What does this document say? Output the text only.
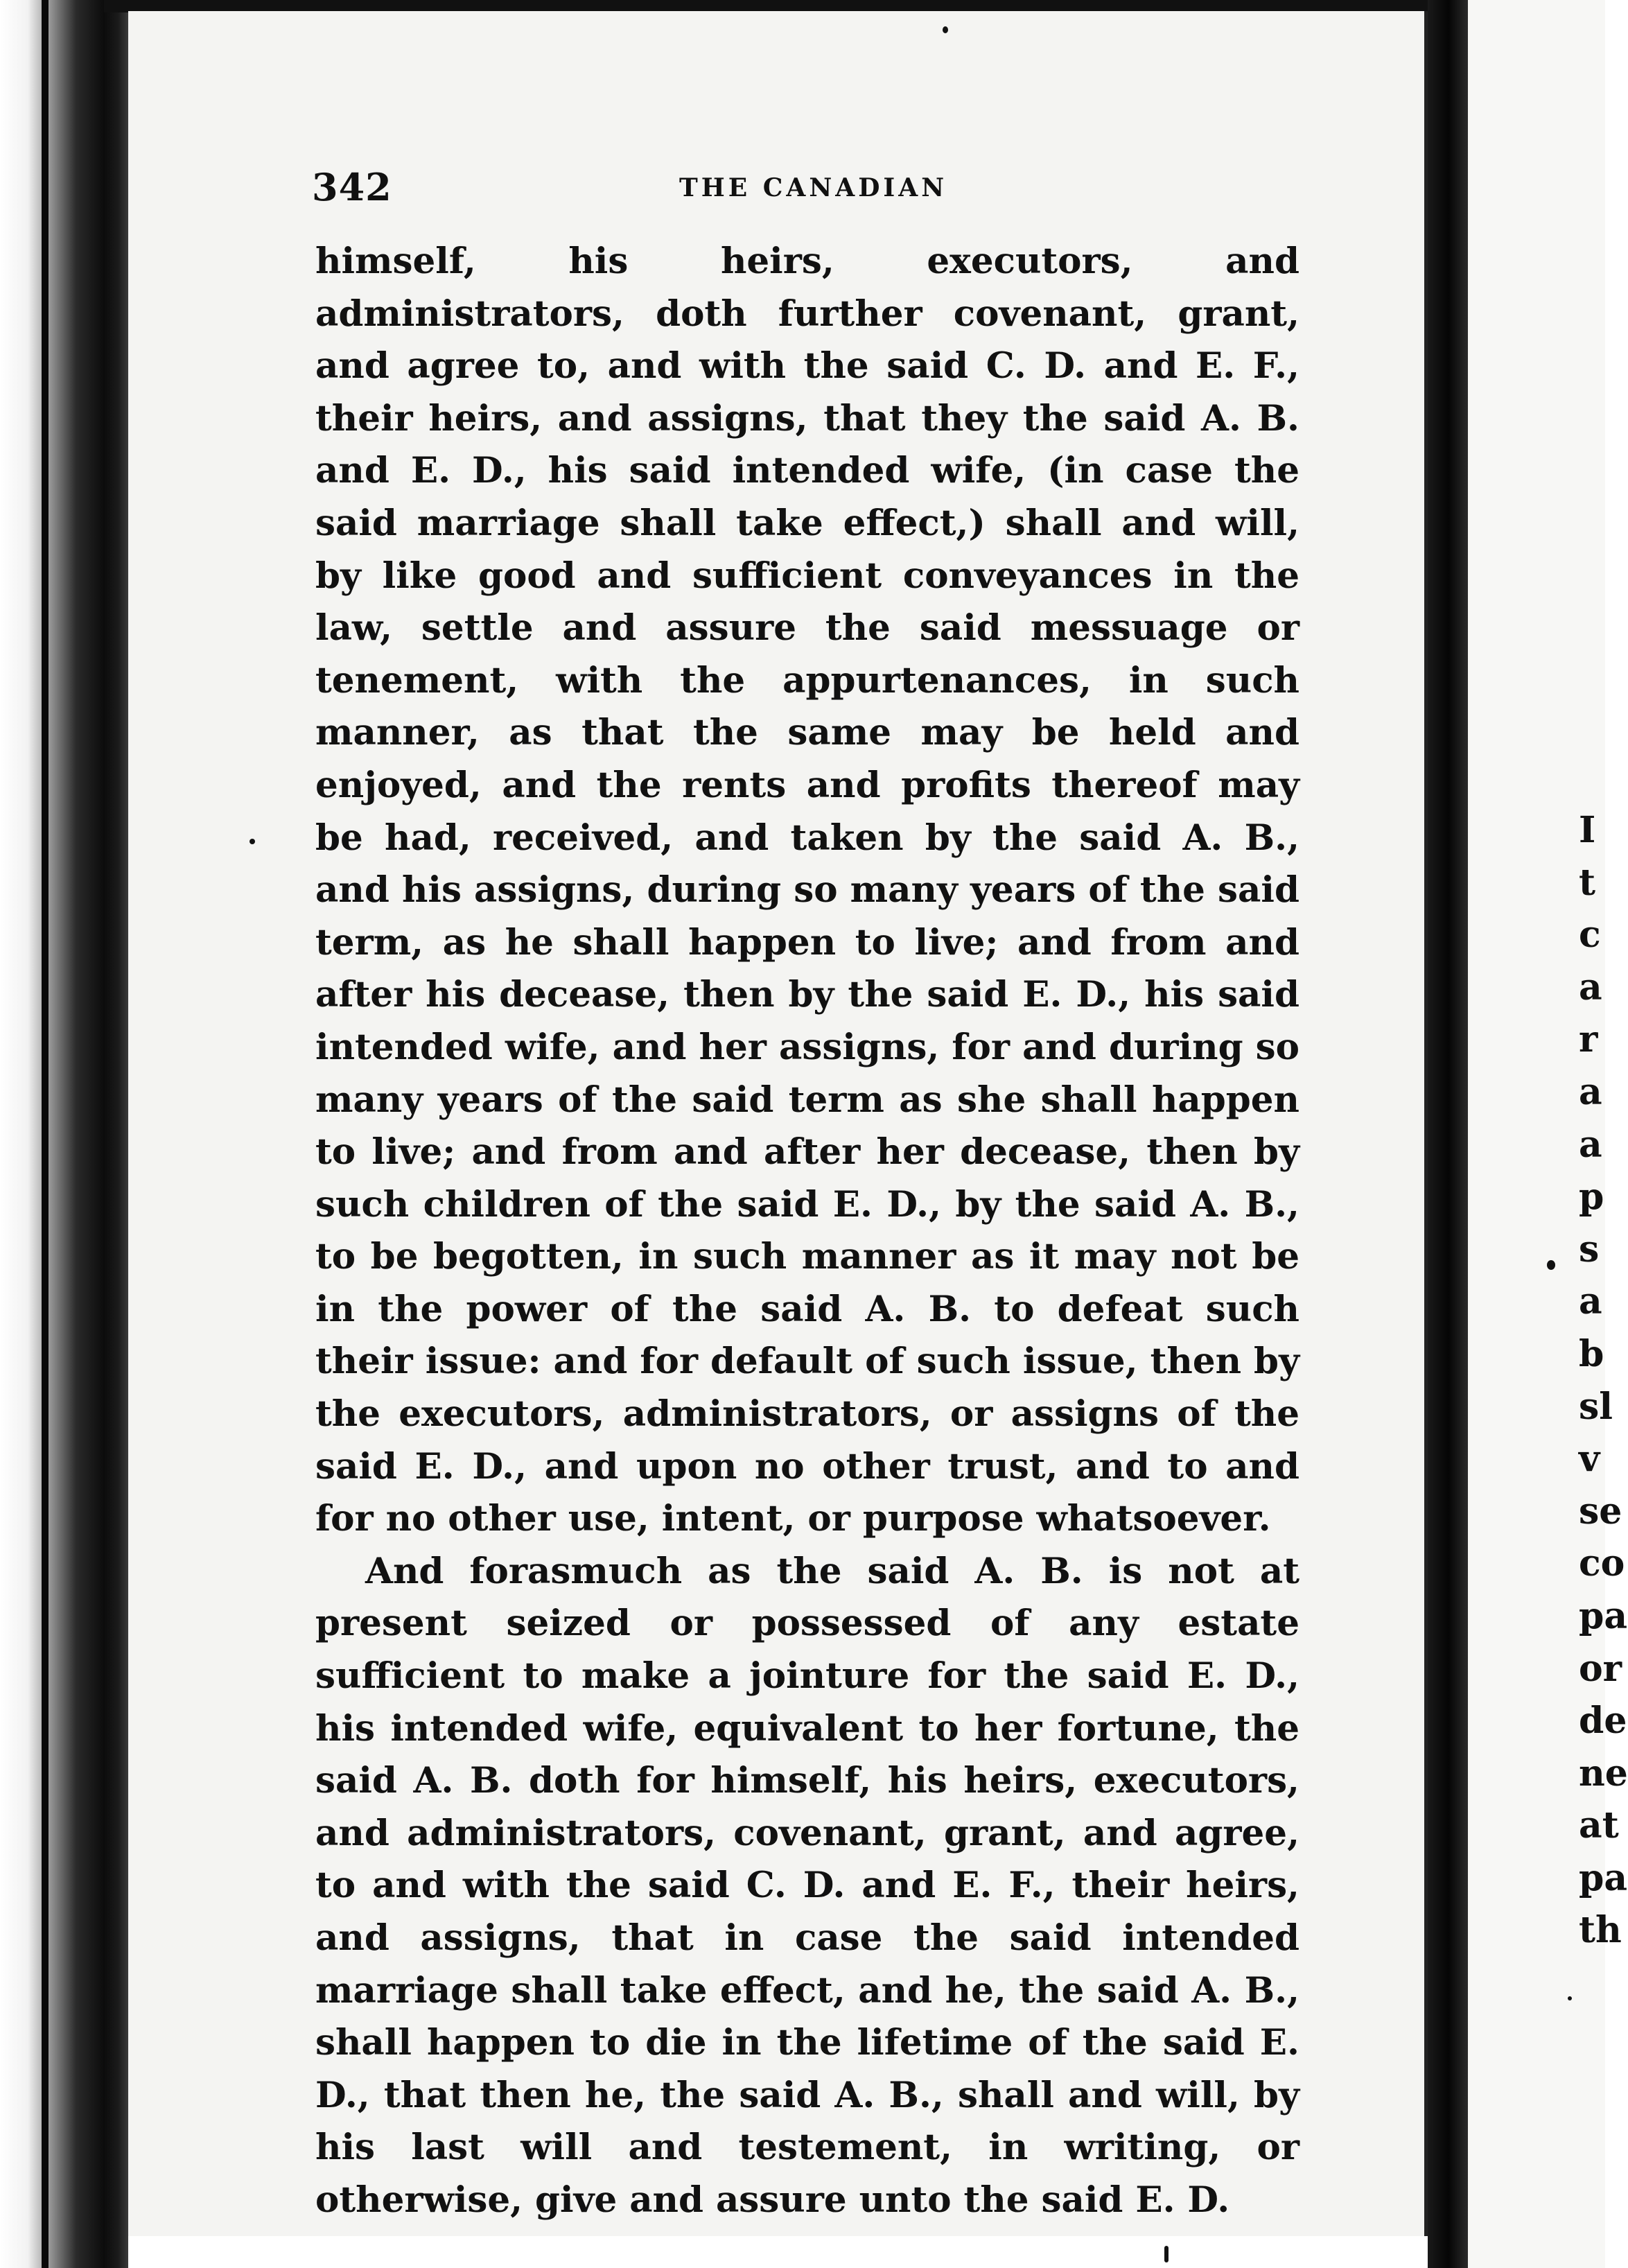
342	THE CANADIAN

himself, his heirs, executors, and administrators, doth further covenant, grant, and agree to, and with the said C. D. and E. F., their heirs, and assigns, that they the said A. B. and E. D., his said intended wife, (in case the said marriage shall take effect,) shall and will, by like good and sufficient conveyances in the law, settle and assure the said messuage or tenement, with the appurtenances, in such manner, as that the same may be held and enjoyed, and the rents and profits thereof may be had, received, and taken by the said A. B., and his assigns, during so many years of the said term, as he shall happen to live; and from and after his decease, then by the said E. D., his said intended wife, and her assigns, for and during so many years of the said term as she shall happen to live; and from and after her decease, then by such children of the said E. D., by the said A. B., to be begotten, in such manner as it may not be in the power of the said A. B. to defeat such their issue: and for default of such issue, then by the executors, administrators, or assigns of the said E. D., and upon no other trust, and to and for no other use, intent, or purpose whatsoever.

And forasmuch as the said A. B. is not at present seized or possessed of any estate sufficient to make a jointure for the said E. D., his intended wife, equivalent to her fortune, the said A. B. doth for himself, his heirs, executors, and administrators, covenant, grant, and agree, to and with the said C. D. and E. F., their heirs, and assigns, that in case the said intended marriage shall take effect, and he, the said A. B., shall happen to die in the lifetime of the said E. D., that then he, the said A. B., shall and will, by his last will and testement, in writing, or otherwise, give and assure unto the said E. D.

I
t
c
a
r
a
a
p
s
a
b
sl
v
se
co
pa
or
de
ne
at
pa
th
